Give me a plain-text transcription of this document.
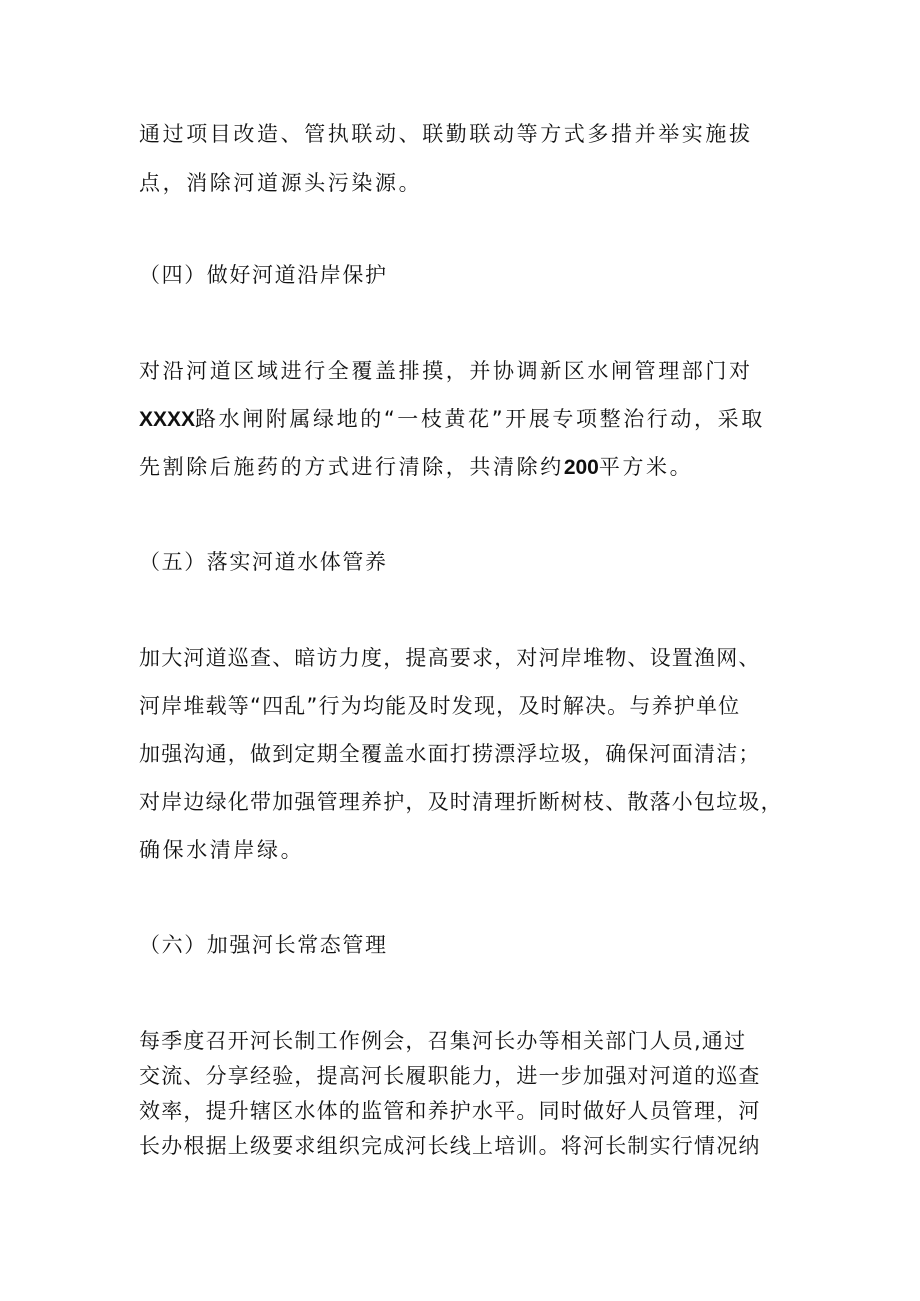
通过项目改造、管执联动、联勤联动等方式多措并举实施拔
点，消除河道源头污染源。
（四）做好河道沿岸保护
对沿河道区域进行全覆盖排摸，并协调新区水闸管理部门对
XXXX路水闸附属绿地的“一枝黄花”开展专项整治行动，采取
先割除后施药的方式进行清除，共清除约200平方米。
（五）落实河道水体管养
加大河道巡查、暗访力度，提高要求，对河岸堆物、设置渔网、
河岸堆载等“四乱”行为均能及时发现，及时解决。与养护单位
加强沟通，做到定期全覆盖水面打捞漂浮垃圾，确保河面清洁；
对岸边绿化带加强管理养护，及时清理折断树枝、散落小包垃圾，
确保水清岸绿。
（六）加强河长常态管理
每季度召开河长制工作例会，召集河长办等相关部门人员,通过
交流、分享经验，提高河长履职能力，进一步加强对河道的巡查
效率，提升辖区水体的监管和养护水平。同时做好人员管理，河
长办根据上级要求组织完成河长线上培训。将河长制实行情况纳
